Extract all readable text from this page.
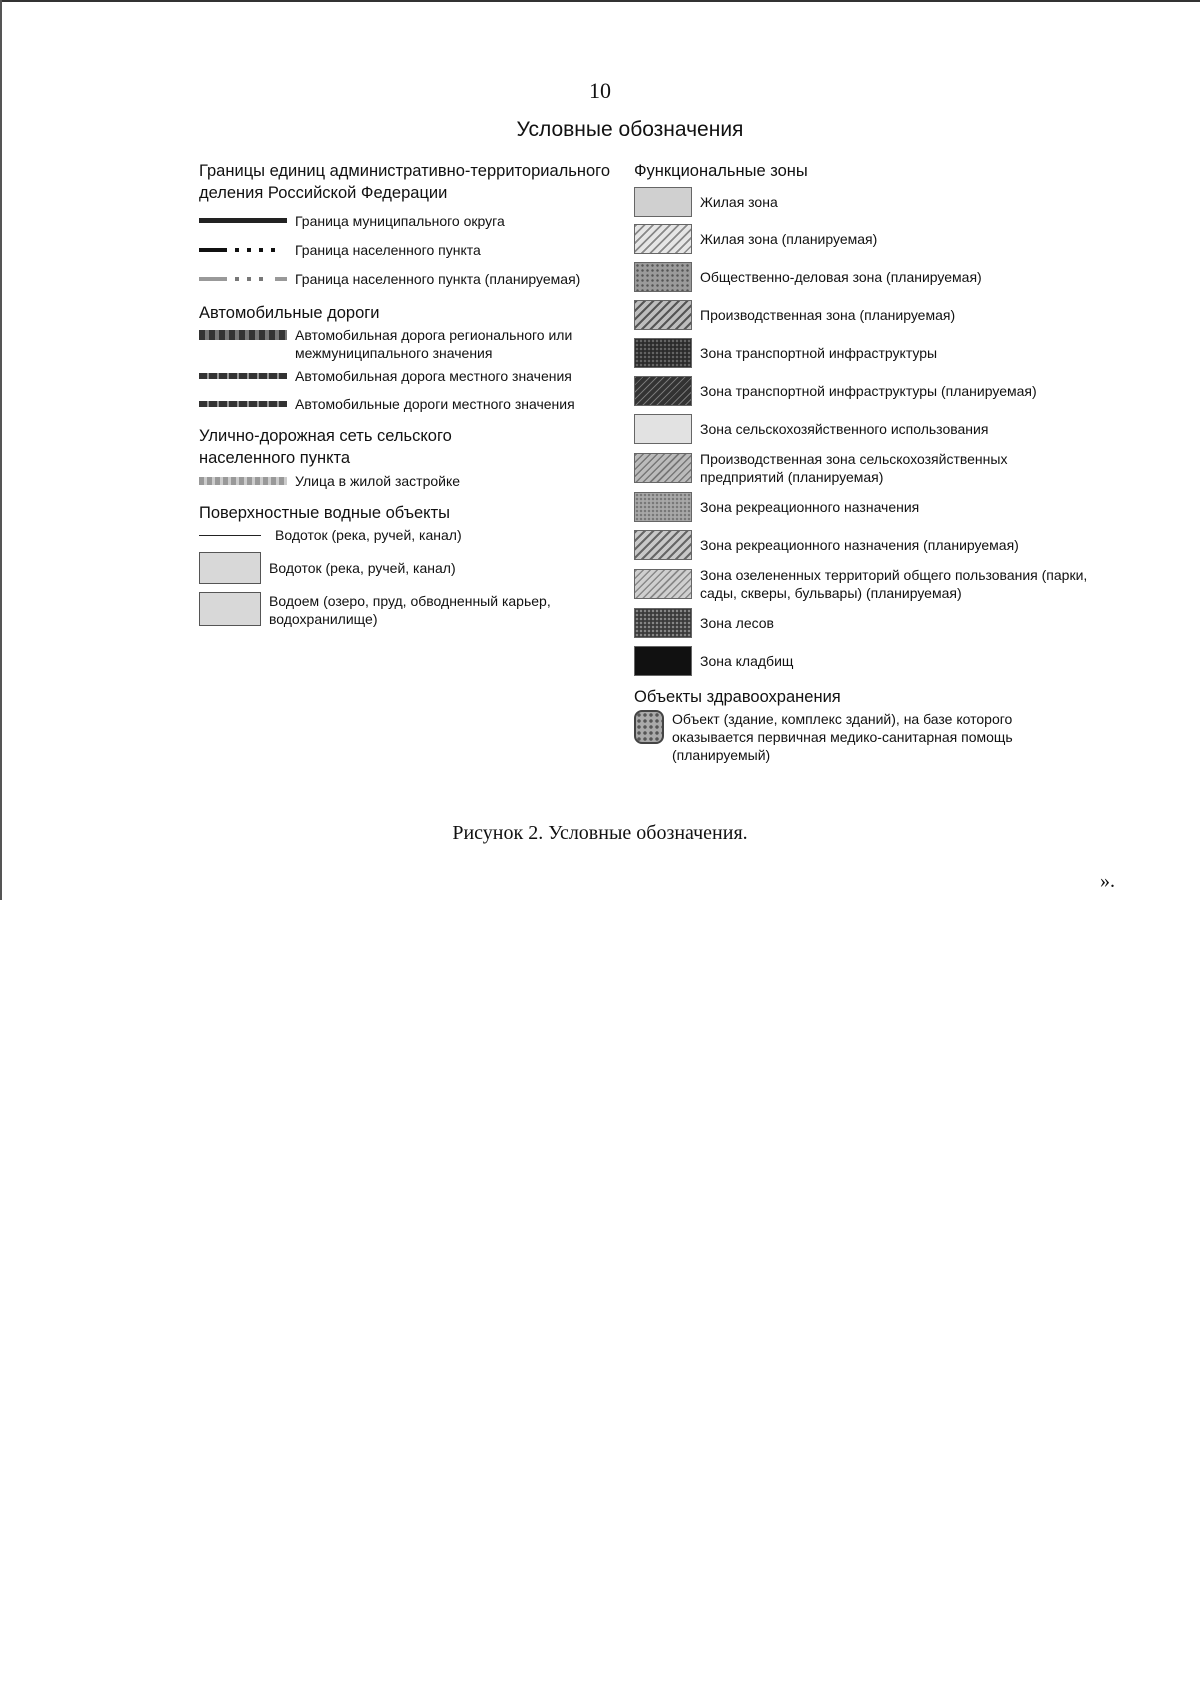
10
Условные обозначения
Границы единиц административно-территориального деления Российской Федерации
Граница муниципального округа
Граница населенного пункта
Граница населенного пункта (планируемая)
Автомобильные дороги
Автомобильная дорога регионального или межмуниципального значения
Автомобильная дорога местного значения
Автомобильные дороги местного значения
Улично-дорожная сеть сельского населенного пункта
Улица в жилой застройке
Поверхностные водные объекты
Водоток (река, ручей, канал)
Водоток (река, ручей, канал)
Водоем (озеро, пруд, обводненный карьер, водохранилище)
Функциональные зоны
Жилая зона
Жилая зона (планируемая)
Общественно-деловая зона (планируемая)
Производственная зона (планируемая)
Зона транспортной инфраструктуры
Зона транспортной инфраструктуры (планируемая)
Зона сельскохозяйственного использования
Производственная зона сельскохозяйственных предприятий (планируемая)
Зона рекреационного назначения
Зона рекреационного назначения (планируемая)
Зона озелененных территорий общего пользования (парки, сады, скверы, бульвары) (планируемая)
Зона лесов
Зона кладбищ
Объекты здравоохранения
Объект (здание, комплекс зданий), на базе которого оказывается первичная медико-санитарная помощь (планируемый)
Рисунок 2. Условные обозначения.
».
